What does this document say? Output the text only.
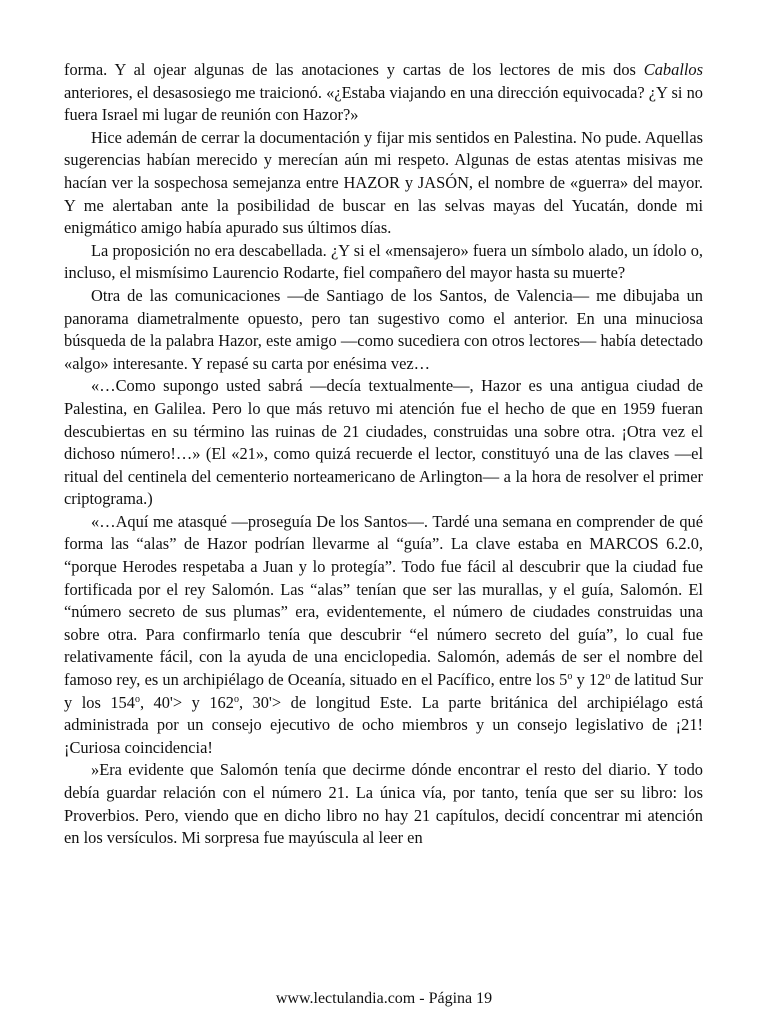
forma. Y al ojear algunas de las anotaciones y cartas de los lectores de mis dos Caballos anteriores, el desasosiego me traicionó. «¿Estaba viajando en una dirección equivocada? ¿Y si no fuera Israel mi lugar de reunión con Hazor?»

Hice ademán de cerrar la documentación y fijar mis sentidos en Palestina. No pude. Aquellas sugerencias habían merecido y merecían aún mi respeto. Algunas de estas atentas misivas me hacían ver la sospechosa semejanza entre HAZOR y JASÓN, el nombre de «guerra» del mayor. Y me alertaban ante la posibilidad de buscar en las selvas mayas del Yucatán, donde mi enigmático amigo había apurado sus últimos días.

La proposición no era descabellada. ¿Y si el «mensajero» fuera un símbolo alado, un ídolo o, incluso, el mismísimo Laurencio Rodarte, fiel compañero del mayor hasta su muerte?

Otra de las comunicaciones —de Santiago de los Santos, de Valencia— me dibujaba un panorama diametralmente opuesto, pero tan sugestivo como el anterior. En una minuciosa búsqueda de la palabra Hazor, este amigo —como sucediera con otros lectores— había detectado «algo» interesante. Y repasé su carta por enésima vez…

«…Como supongo usted sabrá —decía textualmente—, Hazor es una antigua ciudad de Palestina, en Galilea. Pero lo que más retuvo mi atención fue el hecho de que en 1959 fueran descubiertas en su término las ruinas de 21 ciudades, construidas una sobre otra. ¡Otra vez el dichoso número!…» (El «21», como quizá recuerde el lector, constituyó una de las claves —el ritual del centinela del cementerio norteamericano de Arlington— a la hora de resolver el primer criptograma.)

«…Aquí me atasqué —proseguía De los Santos—. Tardé una semana en comprender de qué forma las “alas” de Hazor podrían llevarme al “guía”. La clave estaba en MARCOS 6.2.0, “porque Herodes respetaba a Juan y lo protegía”. Todo fue fácil al descubrir que la ciudad fue fortificada por el rey Salomón. Las “alas” tenían que ser las murallas, y el guía, Salomón. El “número secreto de sus plumas” era, evidentemente, el número de ciudades construidas una sobre otra. Para confirmarlo tenía que descubrir “el número secreto del guía”, lo cual fue relativamente fácil, con la ayuda de una enciclopedia. Salomón, además de ser el nombre del famoso rey, es un archipiélago de Oceanía, situado en el Pacífico, entre los 5$^o$ y 12$^o$ de latitud Sur y los 154$^o$, 40'> y 162$^o$, 30'> de longitud Este. La parte británica del archipiélago está administrada por un consejo ejecutivo de ocho miembros y un consejo legislativo de ¡21! ¡Curiosa coincidencia!

»Era evidente que Salomón tenía que decirme dónde encontrar el resto del diario. Y todo debía guardar relación con el número 21. La única vía, por tanto, tenía que ser su libro: los Proverbios. Pero, viendo que en dicho libro no hay 21 capítulos, decidí concentrar mi atención en los versículos. Mi sorpresa fue mayúscula al leer en

www.lectulandia.com - Página 19
